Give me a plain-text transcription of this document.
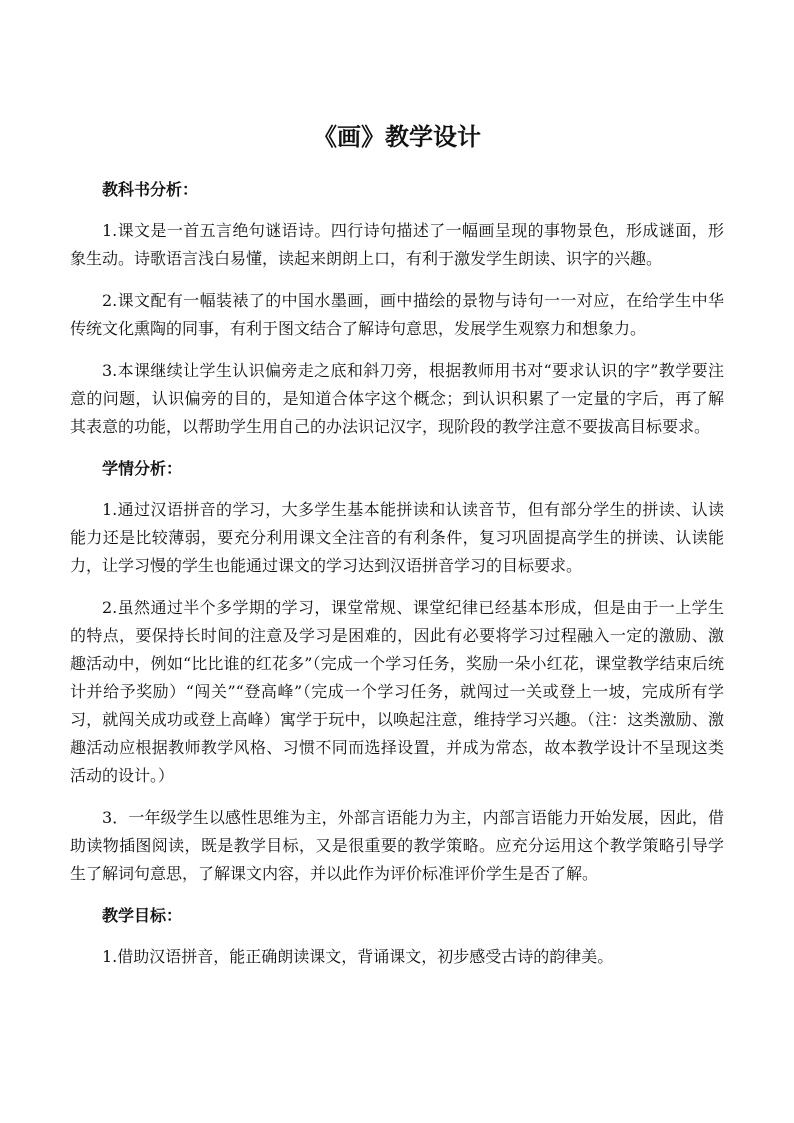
《画》教学设计
教科书分析：

1.课文是一首五言绝句谜语诗。四行诗句描述了一幅画呈现的事物景色，形成谜面，形象生动。诗歌语言浅白易懂，读起来朗朗上口，有利于激发学生朗读、识字的兴趣。

2.课文配有一幅装裱了的中国水墨画，画中描绘的景物与诗句一一对应，在给学生中华传统文化熏陶的同事，有利于图文结合了解诗句意思，发展学生观察力和想象力。

3.本课继续让学生认识偏旁走之底和斜刀旁，根据教师用书对“要求认识的字”教学要注意的问题，认识偏旁的目的，是知道合体字这个概念；到认识积累了一定量的字后，再了解其表意的功能，以帮助学生用自己的办法识记汉字，现阶段的教学注意不要拔高目标要求。

学情分析：

1.通过汉语拼音的学习，大多学生基本能拼读和认读音节，但有部分学生的拼读、认读能力还是比较薄弱，要充分利用课文全注音的有利条件，复习巩固提高学生的拼读、认读能力，让学习慢的学生也能通过课文的学习达到汉语拼音学习的目标要求。

2.虽然通过半个多学期的学习，课堂常规、课堂纪律已经基本形成，但是由于一上学生的特点，要保持长时间的注意及学习是困难的，因此有必要将学习过程融入一定的激励、激趣活动中，例如“比比谁的红花多”（完成一个学习任务，奖励一朵小红花，课堂教学结束后统计并给予奖励）“闯关”“登高峰”（完成一个学习任务，就闯过一关或登上一坡，完成所有学习，就闯关成功或登上高峰）寓学于玩中，以唤起注意，维持学习兴趣。（注：这类激励、激趣活动应根据教师教学风格、习惯不同而选择设置，并成为常态，故本教学设计不呈现这类活动的设计。）

3．一年级学生以感性思维为主，外部言语能力为主，内部言语能力开始发展，因此，借助读物插图阅读，既是教学目标，又是很重要的教学策略。应充分运用这个教学策略引导学生了解词句意思，了解课文内容，并以此作为评价标准评价学生是否了解。

教学目标：

1.借助汉语拼音，能正确朗读课文，背诵课文，初步感受古诗的韵律美。
